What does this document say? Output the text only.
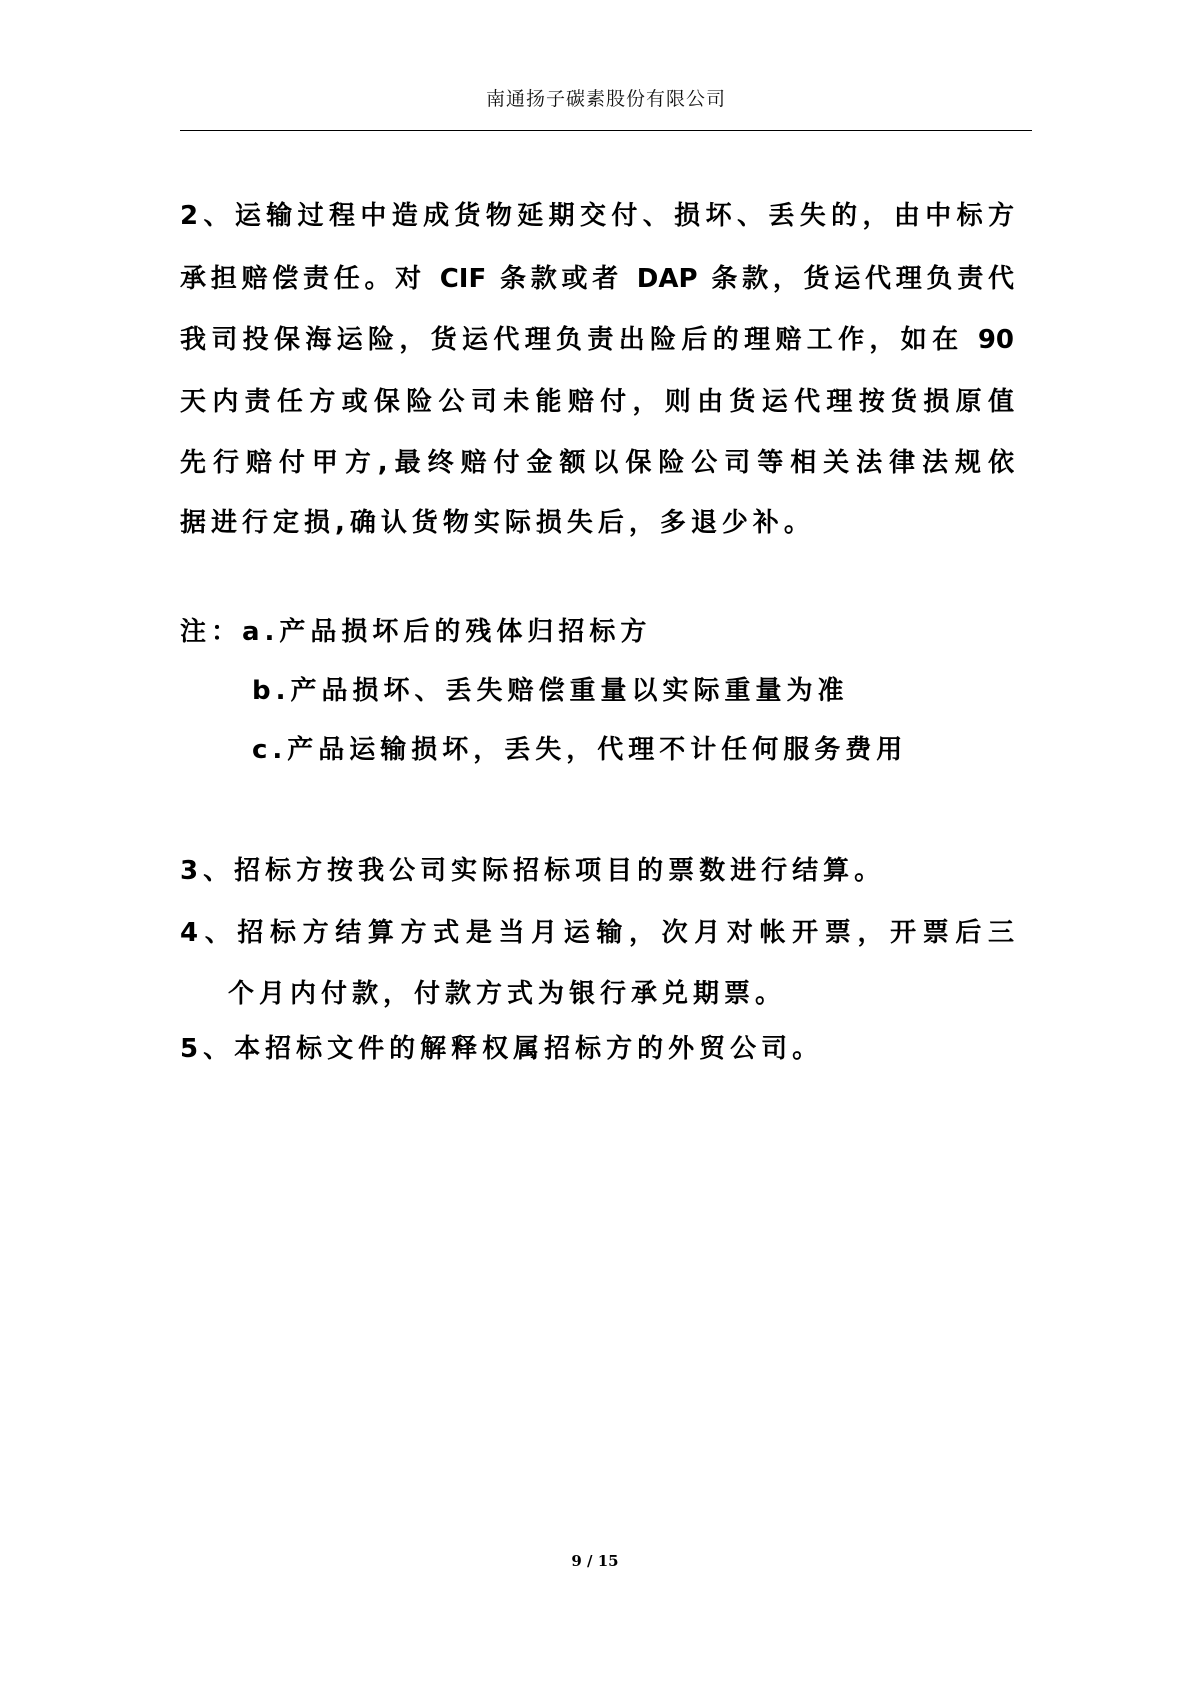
南通扬子碳素股份有限公司
2、运输过程中造成货物延期交付、损坏、丢失的，由中标方
承担赔偿责任。对 CIF 条款或者 DAP 条款，货运代理负责代
我司投保海运险，货运代理负责出险后的理赔工作，如在 90
天内责任方或保险公司未能赔付，则由货运代理按货损原值
先行赔付甲方,最终赔付金额以保险公司等相关法律法规依
据进行定损,确认货物实际损失后，多退少补。
注：a.产品损坏后的残体归招标方
b.产品损坏、丢失赔偿重量以实际重量为准
c.产品运输损坏，丢失，代理不计任何服务费用
3、招标方按我公司实际招标项目的票数进行结算。
4、招标方结算方式是当月运输，次月对帐开票，开票后三
个月内付款，付款方式为银行承兑期票。
5、本招标文件的解释权属招标方的外贸公司。
9 / 15
